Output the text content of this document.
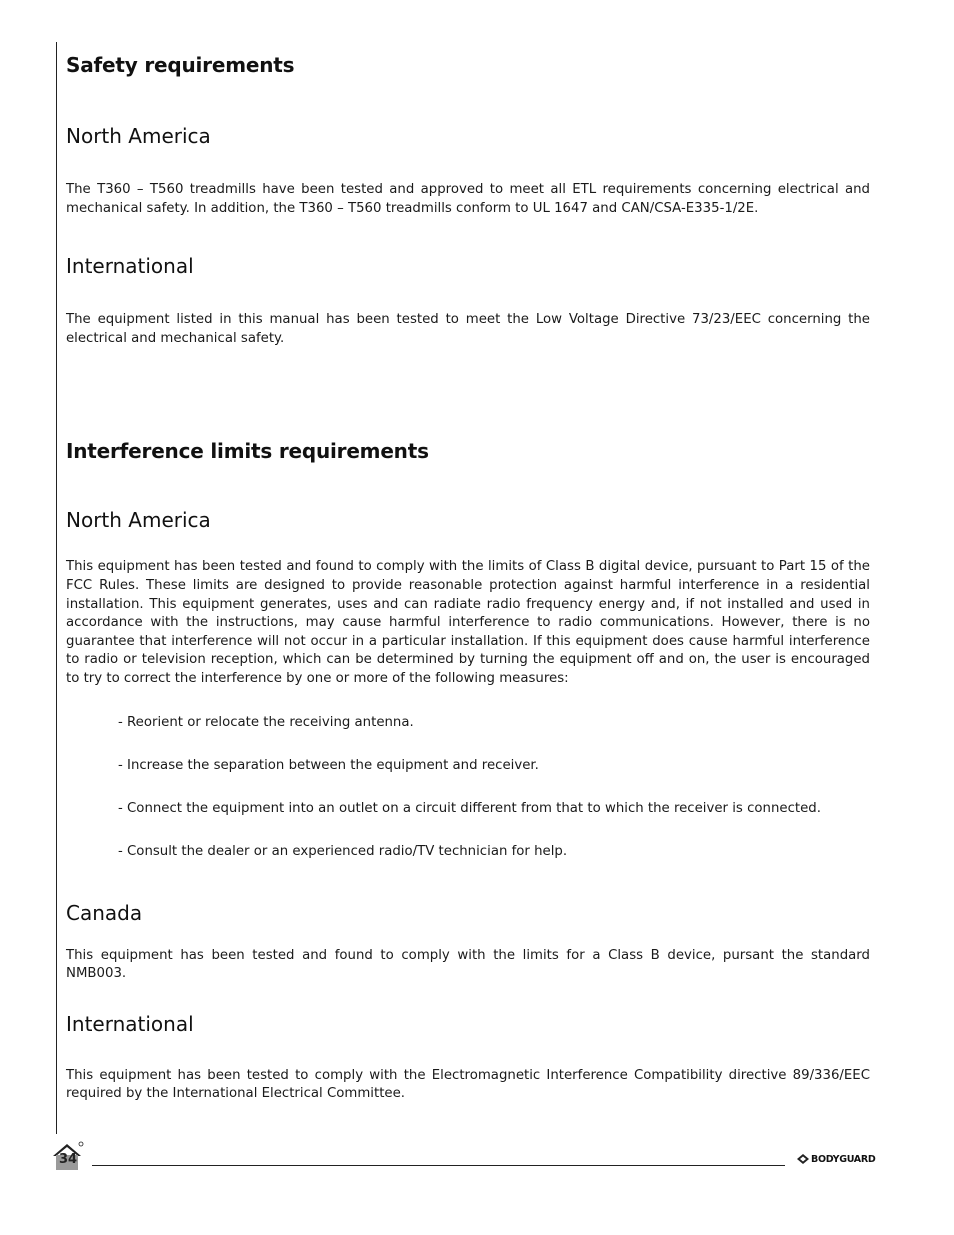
Safety requirements
North America

The T360 – T560 treadmills have been tested and approved to meet all ETL requirements concerning electrical and mechanical safety. In addition, the T360 – T560 treadmills conform to UL 1647 and CAN/CSA-E335-1/2E.

International

The equipment listed in this manual has been tested to meet the Low Voltage Directive 73/23/EEC concerning the electrical and mechanical safety.

Interference limits requirements
North America

This equipment has been tested and found to comply with the limits of Class B digital device, pursuant to Part 15 of the FCC Rules. These limits are designed to provide reasonable protection against harmful interference in a residential installation. This equipment generates, uses and can radiate radio frequency energy and, if not installed and used in accordance with the instructions, may cause harmful interference to radio communications. However, there is no guarantee that interference will not occur in a particular installation. If this equipment does cause harmful interference to radio or television reception, which can be determined by turning the equipment off and on, the user is encouraged to try to correct the interference by one or more of the following measures:

- Reorient or relocate the receiving antenna.

- Increase the separation between the equipment and receiver.

- Connect the equipment into an outlet on a circuit different from that to which the receiver is connected.

- Consult the dealer or an experienced radio/TV technician for help.

Canada

This equipment has been tested and found to comply with the limits for a Class B device, pursant the standard NMB003.

International

This equipment has been tested to comply with the Electromagnetic Interference Compatibility directive 89/336/EEC required by the International Electrical Committee.

34	BODYGUARD
